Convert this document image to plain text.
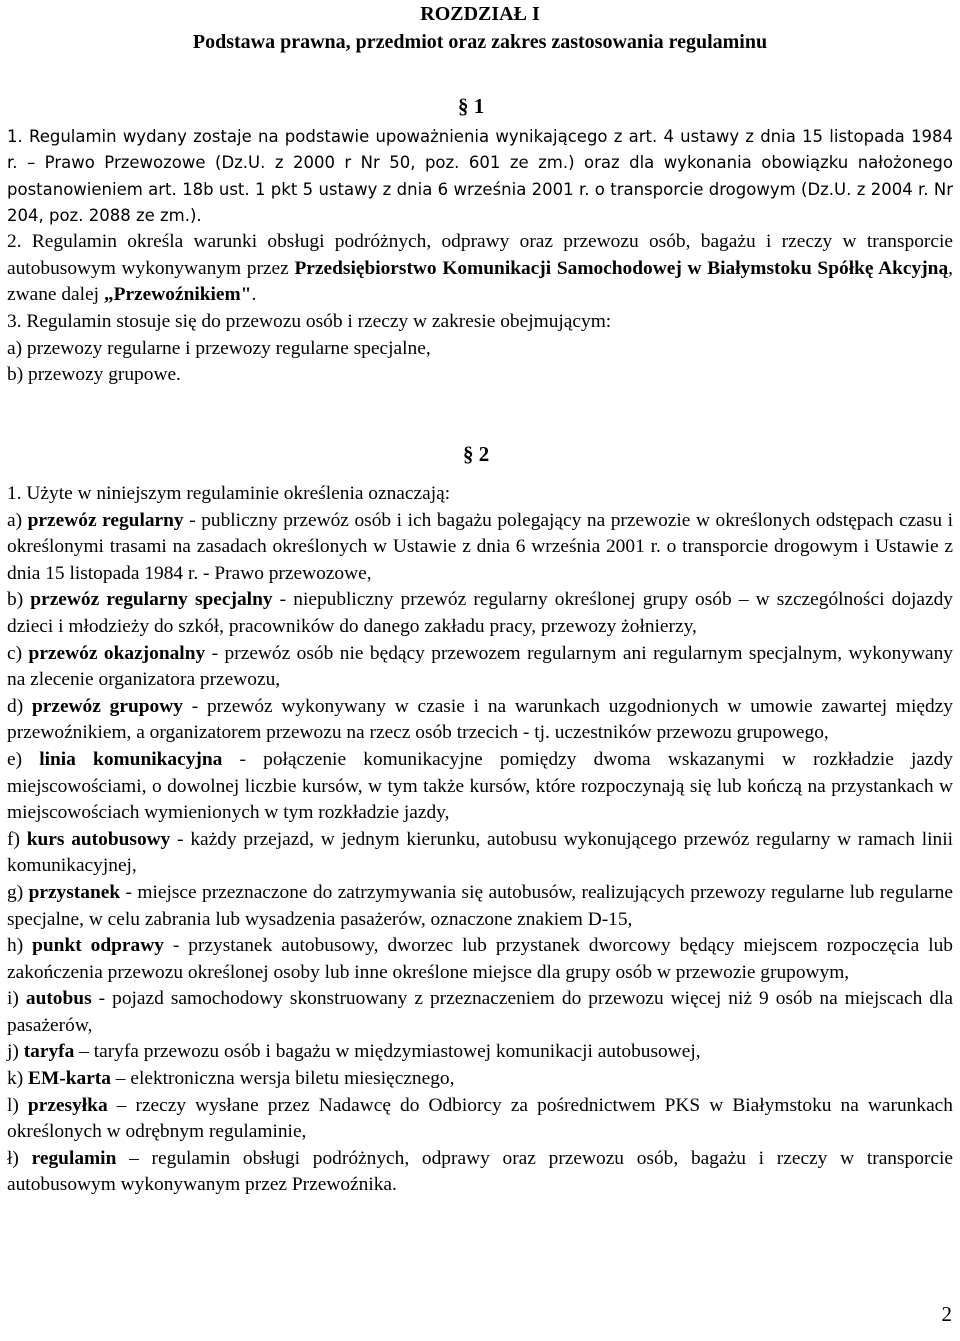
ROZDZIAŁ I
Podstawa prawna, przedmiot oraz zakres zastosowania regulaminu
§ 1

1. Regulamin wydany zostaje na podstawie upoważnienia wynikającego z art. 4 ustawy z dnia 15 listopada 1984 r. – Prawo Przewozowe (Dz.U. z 2000 r Nr 50, poz. 601 ze zm.) oraz dla wykonania obowiązku nałożonego postanowieniem art. 18b ust. 1 pkt 5 ustawy z dnia 6 września 2001 r. o transporcie drogowym (Dz.U. z 2004 r. Nr 204, poz. 2088 ze zm.).

2. Regulamin określa warunki obsługi podróżnych, odprawy oraz przewozu osób, bagażu i rzeczy w transporcie autobusowym wykonywanym przez Przedsiębiorstwo Komunikacji Samochodowej w Białymstoku Spółkę Akcyjną, zwane dalej „Przewoźnikiem".

3. Regulamin stosuje się do przewozu osób i rzeczy w zakresie obejmującym:

a) przewozy regularne i przewozy regularne specjalne,

b) przewozy grupowe.

§ 2

1. Użyte w niniejszym regulaminie określenia oznaczają:

a) przewóz regularny - publiczny przewóz osób i ich bagażu polegający na przewozie w określonych odstępach czasu i określonymi trasami na zasadach określonych w Ustawie z dnia 6 września 2001 r. o transporcie drogowym i Ustawie z dnia 15 listopada 1984 r. - Prawo przewozowe,

b) przewóz regularny specjalny - niepubliczny przewóz regularny określonej grupy osób – w szczególności dojazdy dzieci i młodzieży do szkół, pracowników do danego zakładu pracy, przewozy żołnierzy,

c) przewóz okazjonalny - przewóz osób nie będący przewozem regularnym ani regularnym specjalnym, wykonywany na zlecenie organizatora przewozu,

d) przewóz grupowy - przewóz wykonywany w czasie i na warunkach uzgodnionych w umowie zawartej między przewoźnikiem, a organizatorem przewozu na rzecz osób trzecich - tj. uczestników przewozu grupowego,

e) linia komunikacyjna - połączenie komunikacyjne pomiędzy dwoma wskazanymi w rozkładzie jazdy miejscowościami, o dowolnej liczbie kursów, w tym także kursów, które rozpoczynają się lub kończą na przystankach w miejscowościach wymienionych w tym rozkładzie jazdy,

f) kurs autobusowy - każdy przejazd, w jednym kierunku, autobusu wykonującego przewóz regularny w ramach linii komunikacyjnej,

g) przystanek - miejsce przeznaczone do zatrzymywania się autobusów, realizujących przewozy regularne lub regularne specjalne, w celu zabrania lub wysadzenia pasażerów, oznaczone znakiem D-15,

h) punkt odprawy - przystanek autobusowy, dworzec lub przystanek dworcowy będący miejscem rozpoczęcia lub zakończenia przewozu określonej osoby lub inne określone miejsce dla grupy osób w przewozie grupowym,

i) autobus - pojazd samochodowy skonstruowany z przeznaczeniem do przewozu więcej niż 9 osób na miejscach dla pasażerów,

j) taryfa – taryfa przewozu osób i bagażu w międzymiastowej komunikacji autobusowej,

k) EM-karta – elektroniczna wersja biletu miesięcznego,

l) przesyłka – rzeczy wysłane przez Nadawcę do Odbiorcy za pośrednictwem PKS w Białymstoku na warunkach określonych w odrębnym regulaminie,

ł) regulamin – regulamin obsługi podróżnych, odprawy oraz przewozu osób, bagażu i rzeczy w transporcie autobusowym wykonywanym przez Przewoźnika.

2
